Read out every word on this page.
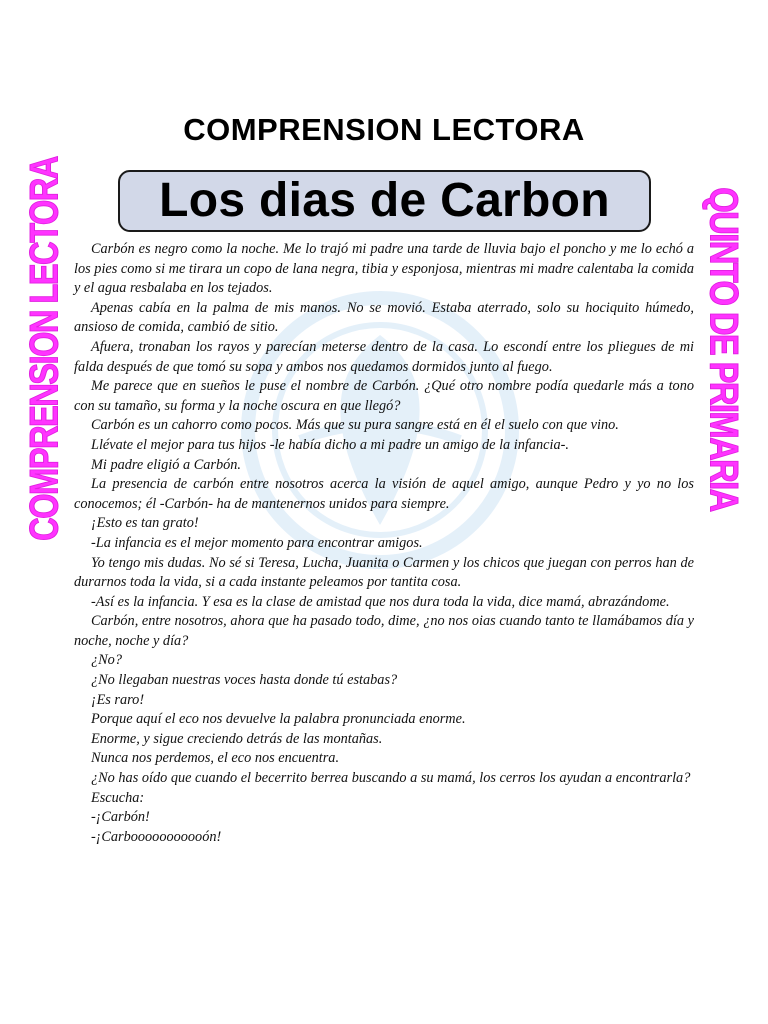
COMPRENSION LECTORA
Los dias de Carbon
COMPRENSION LECTORA	QUINTO DE PRIMARIA

Carbón es negro como la noche. Me lo trajó mi padre una tarde de lluvia bajo el poncho y me lo echó a los pies como si me tirara un copo de lana negra, tibia y esponjosa, mientras mi madre calentaba la comida y el agua resbalaba en los tejados.

Apenas cabía en la palma de mis manos. No se movió. Estaba aterrado, solo su hociquito húmedo, ansioso de comida, cambió de sitio.

Afuera, tronaban los rayos y parecían meterse dentro de la casa. Lo escondí entre los pliegues de mi falda después de que tomó su sopa y ambos nos quedamos dormidos junto al fuego.

Me parece que en sueños le puse el nombre de Carbón. ¿Qué otro nombre podía quedarle más a tono con su tamaño, su forma y la noche oscura en que llegó?

Carbón es un cahorro como pocos. Más que su pura sangre está en él el suelo con que vino.

Llévate el mejor para tus hijos -le había dicho a mi padre un amigo de la infancia-.

Mi padre eligió a Carbón.

La presencia de carbón entre nosotros acerca la visión de aquel amigo, aunque Pedro y yo no los conocemos; él -Carbón- ha de mantenernos unidos para siempre.

¡Esto es tan grato!

-La infancia es el mejor momento para encontrar amigos.

Yo tengo mis dudas. No sé si Teresa, Lucha, Juanita o Carmen y los chicos que juegan con perros han de durarnos toda la vida, si a cada instante peleamos por tantita cosa.

-Así es la infancia. Y esa es la clase de amistad que nos dura toda la vida, dice mamá, abrazándome.

Carbón, entre nosotros, ahora que ha pasado todo, dime, ¿no nos oias cuando tanto te llamábamos día y noche, noche y día?

¿No?

¿No llegaban nuestras voces hasta donde tú estabas?

¡Es raro!

Porque aquí el eco nos devuelve la palabra pronunciada enorme.

Enorme, y sigue creciendo detrás de las montañas.

Nunca nos perdemos, el eco nos encuentra.

¿No has oído que cuando el becerrito berrea buscando a su mamá, los cerros los ayudan a encontrarla?

Escucha:

-¡Carbón!

-¡Carbooooooooooón!
